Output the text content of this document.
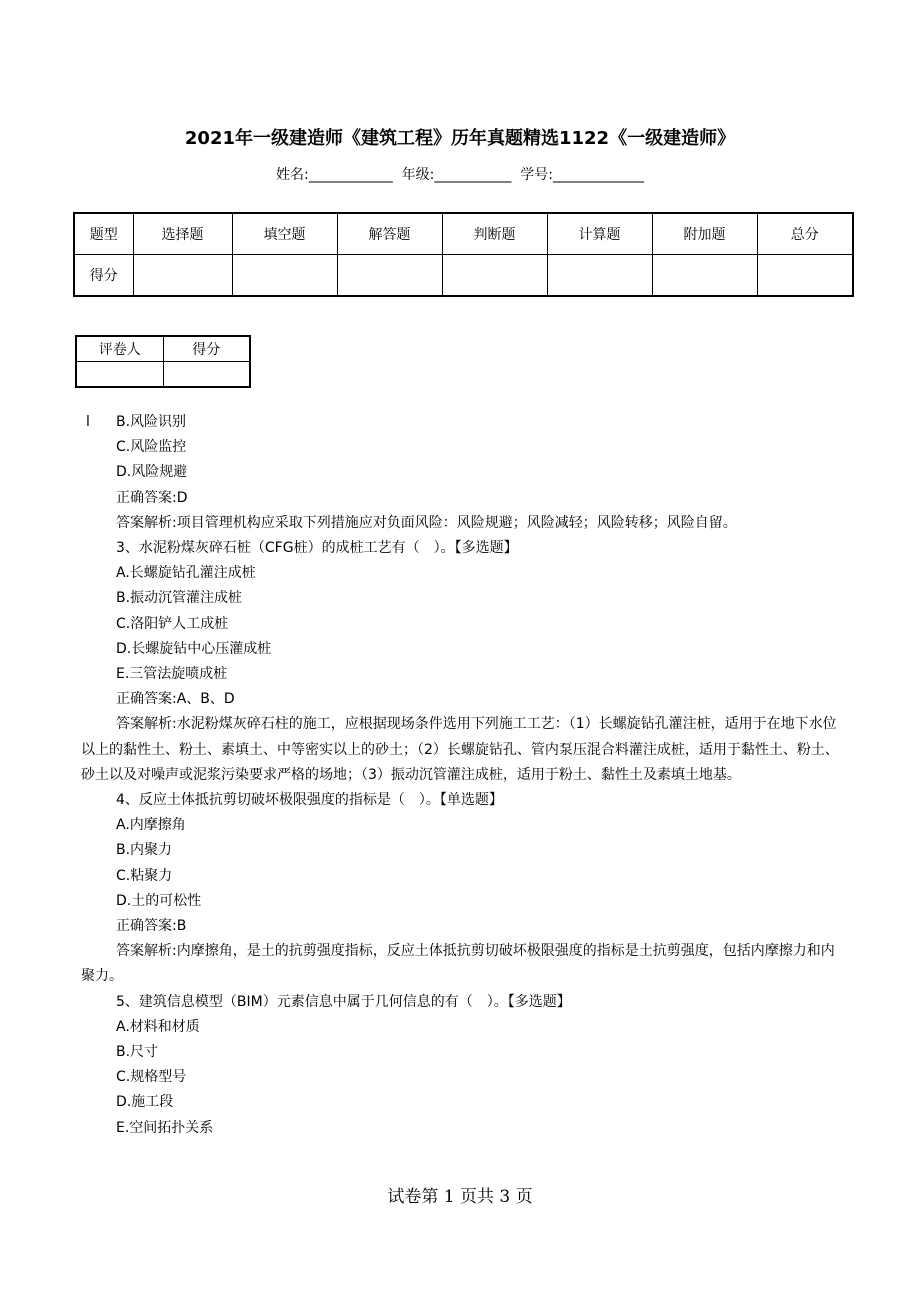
2021年一级建造师《建筑工程》历年真题精选1122《一级建造师》
姓名:____________  年级:___________  学号:_____________
题型	选择题	填空题	解答题	判断题	计算题	附加题	总分
得分							
评卷人	得分

l B.风险识别

C.风险监控

D.风险规避

正确答案:D

答案解析:项目管理机构应采取下列措施应对负面风险：风险规避；风险减轻；风险转移；风险自留。

3、水泥粉煤灰碎石桩（CFG桩）的成桩工艺有（　）。【多选题】

A.长螺旋钻孔灌注成桩

B.振动沉管灌注成桩

C.洛阳铲人工成桩

D.长螺旋钻中心压灌成桩

E.三管法旋喷成桩

正确答案:A、B、D

答案解析:水泥粉煤灰碎石柱的施工，应根据现场条件选用下列施工工艺：（1）长螺旋钻孔灌注桩，适用于在地下水位以上的黏性土、粉土、素填土、中等密实以上的砂土；（2）长螺旋钻孔、管内泵压混合料灌注成桩，适用于黏性土、粉土、砂土以及对噪声或泥浆污染要求严格的场地；（3）振动沉管灌注成桩，适用于粉土、黏性土及素填土地基。

4、反应土体抵抗剪切破坏极限强度的指标是（　）。【单选题】

A.内摩擦角

B.内聚力

C.粘聚力

D.土的可松性

正确答案:B

答案解析:内摩擦角，是土的抗剪强度指标，反应土体抵抗剪切破坏极限强度的指标是土抗剪强度，包括内摩擦力和内聚力。

5、建筑信息模型（BIM）元素信息中属于几何信息的有（　）。【多选题】

A.材料和材质

B.尺寸

C.规格型号

D.施工段

E.空间拓扑关系

试卷第 1 页共 3 页
